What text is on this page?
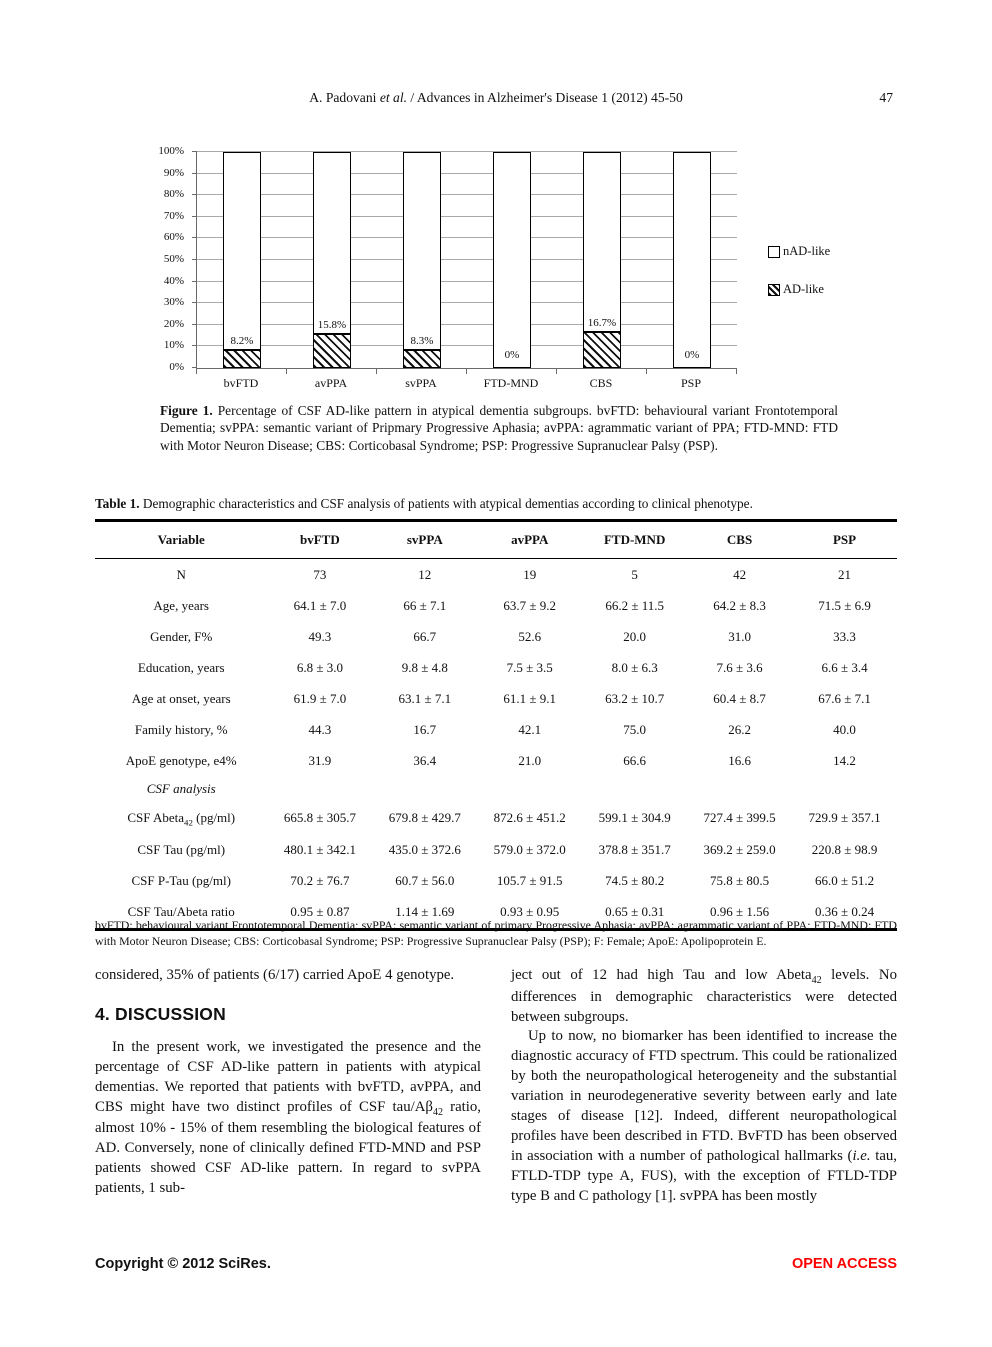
A. Padovani et al. / Advances in Alzheimer's Disease 1 (2012) 45-50	47
0%
10%
20%
30%
40%
50%
60%
70%
80%
90%
100%
8.2%
15.8%
8.3%
0%
16.7%
0%
bvFTD	avPPA	svPPA	FTD-MND	CBS	PSP
nAD-like
AD-like

Figure 1. Percentage of CSF AD-like pattern in atypical dementia subgroups. bvFTD: behavioural variant Frontotemporal Dementia; svPPA: semantic variant of Pripmary Progressive Aphasia; avPPA: agrammatic variant of PPA; FTD-MND: FTD with Motor Neuron Disease; CBS: Corticobasal Syndrome; PSP: Progressive Supranuclear Palsy (PSP).

Table 1. Demographic characteristics and CSF analysis of patients with atypical dementias according to clinical phenotype.

Variable	bvFTD	svPPA	avPPA	FTD-MND	CBS	PSP
N	73	12	19	5	42	21
Age, years	64.1 ± 7.0	66 ± 7.1	63.7 ± 9.2	66.2 ± 11.5	64.2 ± 8.3	71.5 ± 6.9
Gender, F%	49.3	66.7	52.6	20.0	31.0	33.3
Education, years	6.8 ± 3.0	9.8 ± 4.8	7.5 ± 3.5	8.0 ± 6.3	7.6 ± 3.6	6.6 ± 3.4
Age at onset, years	61.9 ± 7.0	63.1 ± 7.1	61.1 ± 9.1	63.2 ± 10.7	60.4 ± 8.7	67.6 ± 7.1
Family history, %	44.3	16.7	42.1	75.0	26.2	40.0
ApoE genotype, e4%	31.9	36.4	21.0	66.6	16.6	14.2
CSF analysis						
CSF Abeta$_{42}$ (pg/ml)	665.8 ± 305.7	679.8 ± 429.7	872.6 ± 451.2	599.1 ± 304.9	727.4 ± 399.5	729.9 ± 357.1
CSF Tau (pg/ml)	480.1 ± 342.1	435.0 ± 372.6	579.0 ± 372.0	378.8 ± 351.7	369.2 ± 259.0	220.8 ± 98.9
CSF P-Tau (pg/ml)	70.2 ± 76.7	60.7 ± 56.0	105.7 ± 91.5	74.5 ± 80.2	75.8 ± 80.5	66.0 ± 51.2
CSF Tau/Abeta ratio	0.95 ± 0.87	1.14 ± 1.69	0.93 ± 0.95	0.65 ± 0.31	0.96 ± 1.56	0.36 ± 0.24

bvFTD: behavioural variant Frontotemporal Dementia; svPPA: semantic variant of primary Progressive Aphasia; avPPA: agrammatic variant of PPA; FTD-MND: FTD with Motor Neuron Disease; CBS: Corticobasal Syndrome; PSP: Progressive Supranuclear Palsy (PSP); F: Female; ApoE: Apolipoprotein E.

considered, 35% of patients (6/17) carried ApoE 4 genotype.

4. DISCUSSION

In the present work, we investigated the presence and the percentage of CSF AD-like pattern in patients with atypical dementias. We reported that patients with bvFTD, avPPA, and CBS might have two distinct profiles of CSF tau/$A\beta_{42}$ ratio, almost 10% - 15% of them resembling the biological features of AD. Conversely, none of clinically defined FTD-MND and PSP patients showed CSF AD-like pattern. In regard to svPPA patients, 1 sub-

ject out of 12 had high Tau and low Abeta$_{42}$ levels. No differences in demographic characteristics were detected between subgroups.

Up to now, no biomarker has been identified to increase the diagnostic accuracy of FTD spectrum. This could be rationalized by both the neuropathological heterogeneity and the substantial variation in neurodegenerative severity between early and late stages of disease [12]. Indeed, different neuropathological profiles have been described in FTD. BvFTD has been observed in association with a number of pathological hallmarks (i.e. tau, FTLD-TDP type A, FUS), with the exception of FTLD-TDP type B and C pathology [1]. svPPA has been mostly

Copyright © 2012 SciRes.	OPEN ACCESS
